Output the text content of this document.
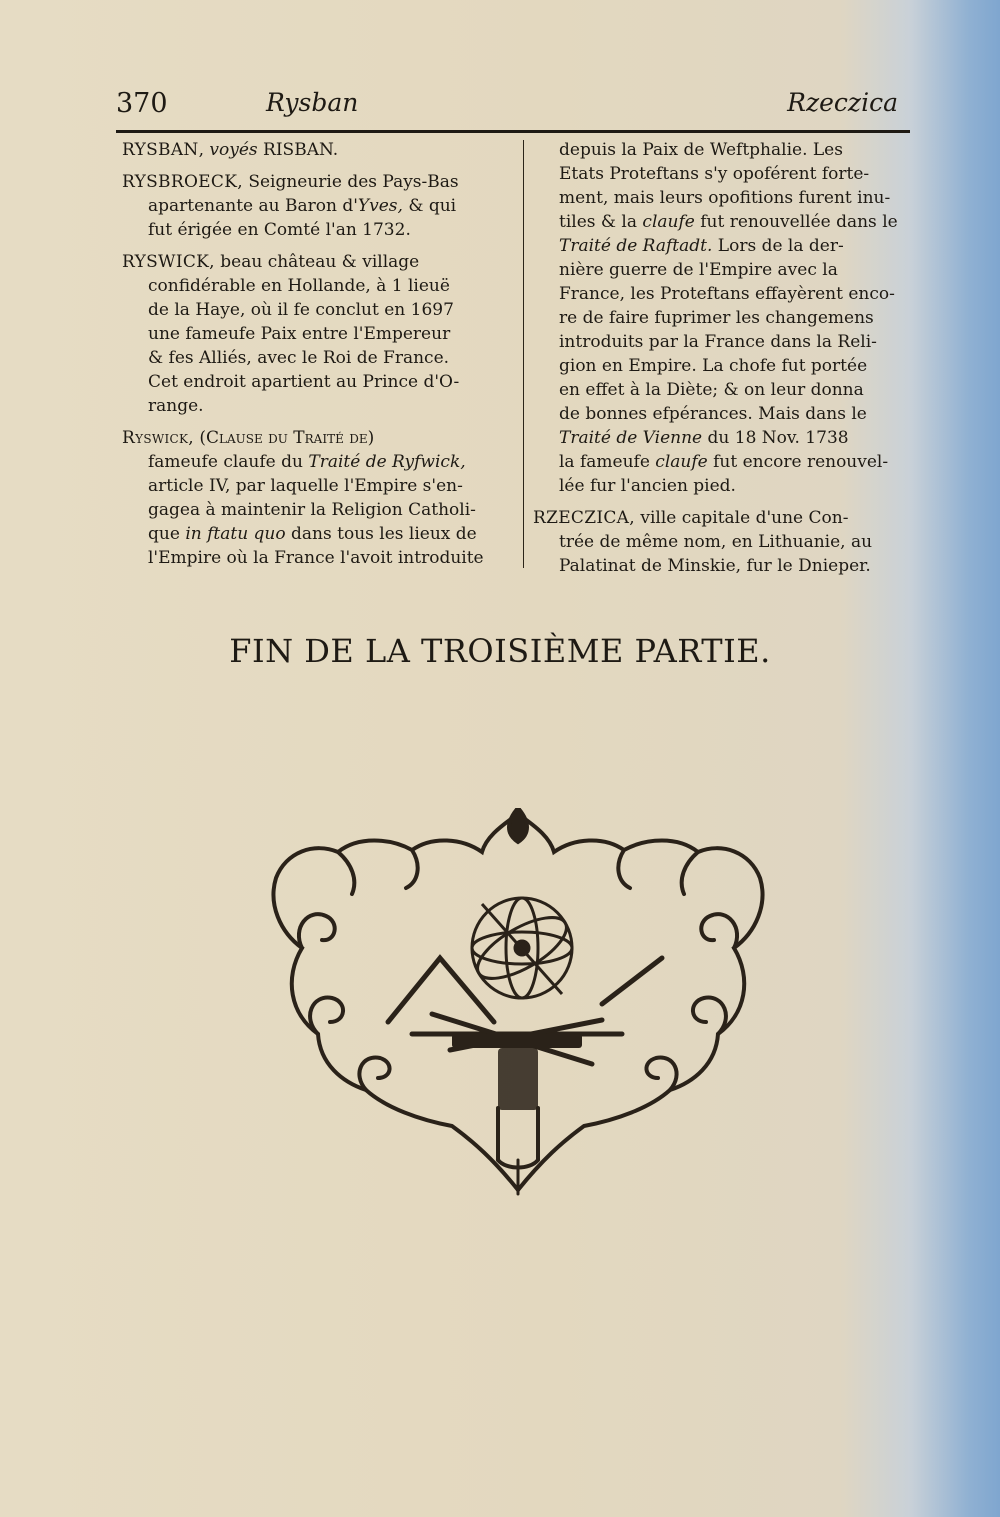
370	Rysban	Rzeczica
RYSBAN, voyés RISBAN.
RYSBROECK, Seigneurie des Pays-Bas
apartenante au Baron d'Yves, & qui
fut érigée en Comté l'an 1732.
RYSWICK, beau château & village
confidérable en Hollande, à 1 lieuë
de la Haye, où il fe conclut en 1697
une fameufe Paix entre l'Empereur
& fes Alliés, avec le Roi de France.
Cet endroit apartient au Prince d'O-
range.
Ryswick, (Clause du Traité de)
fameufe claufe du Traité de Ryfwick,
article IV, par laquelle l'Empire s'en-
gagea à maintenir la Religion Catholi-
que in ftatu quo dans tous les lieux de
l'Empire où la France l'avoit introduite
depuis la Paix de Weftphalie. Les
Etats Proteftans s'y opoférent forte-
ment, mais leurs opofitions furent inu-
tiles & la claufe fut renouvellée dans le
Traité de Raftadt. Lors de la der-
nière guerre de l'Empire avec la
France, les Proteftans effayèrent enco-
re de faire fuprimer les changemens
introduits par la France dans la Reli-
gion en Empire. La chofe fut portée
en effet à la Diète; & on leur donna
de bonnes efpérances. Mais dans le
Traité de Vienne du 18 Nov. 1738
la fameufe claufe fut encore renouvel-
lée fur l'ancien pied.
RZECZICA, ville capitale d'une Con-
trée de même nom, en Lithuanie, au
Palatinat de Minskie, fur le Dnieper.
FIN DE LA TROISIÈME PARTIE.
